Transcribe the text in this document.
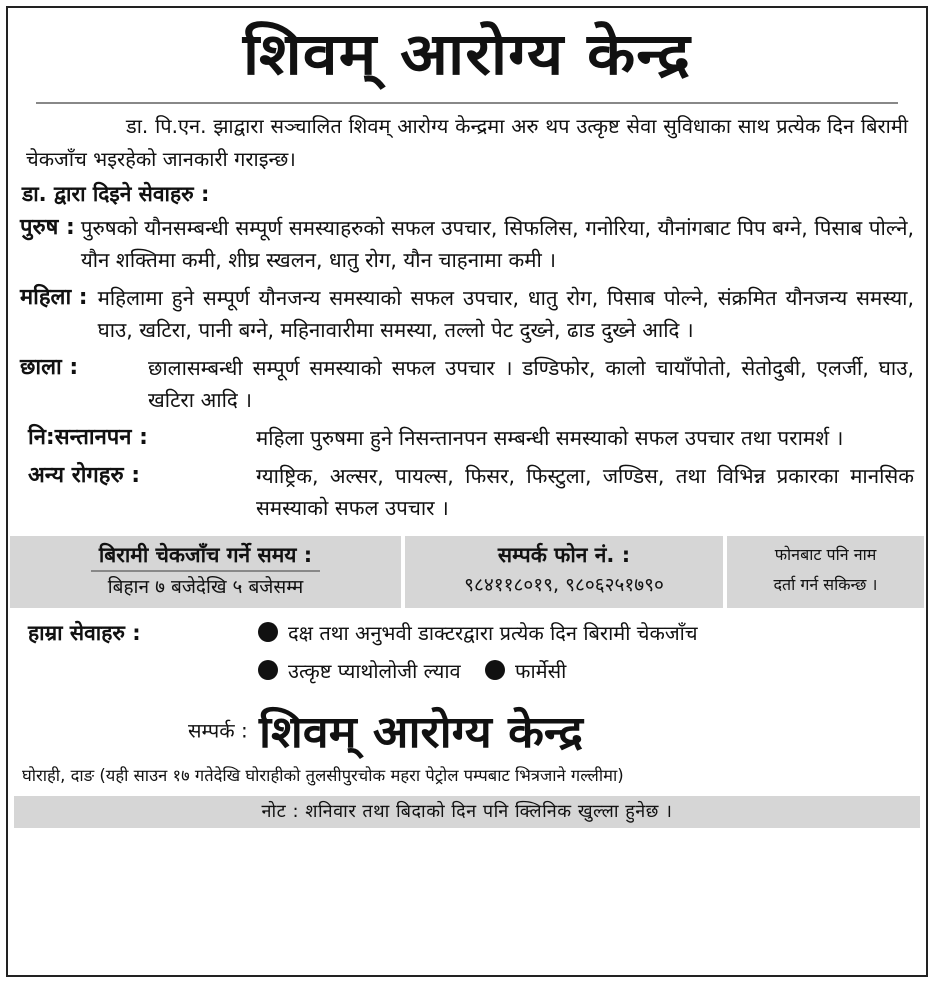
शिवम् आरोग्य केन्द्र
डा. पि.एन. झाद्वारा सञ्चालित शिवम् आरोग्य केन्द्रमा अरु थप उत्कृष्ट सेवा सुविधाका साथ प्रत्येक दिन बिरामी चेकजाँच भइरहेको जानकारी गराइन्छ।
डा. द्वारा दिइने सेवाहरु :
पुरुष : पुरुषको यौनसम्बन्धी सम्पूर्ण समस्याहरुको सफल उपचार, सिफलिस, गनोरिया, यौनांगबाट पिप बग्ने, पिसाब पोल्ने, यौन शक्तिमा कमी, शीघ्र स्खलन, धातु रोग, यौन चाहनामा कमी ।
महिला : महिलामा हुने सम्पूर्ण यौनजन्य समस्याको सफल उपचार, धातु रोग, पिसाब पोल्ने, संक्रमित यौनजन्य समस्या, घाउ, खटिरा, पानी बग्ने, महिनावारीमा समस्या, तल्लो पेट दुख्ने, ढाड दुख्ने आदि ।
छाला :	छालासम्बन्धी सम्पूर्ण समस्याको सफल उपचार । डण्डिफोर, कालो चायाँपोतो, सेतोदुबी, एलर्जी, घाउ, खटिरा आदि ।
नि:सन्तानपन :	महिला पुरुषमा हुने निसन्तानपन सम्बन्धी समस्याको सफल उपचार तथा परामर्श ।
अन्य रोगहरु :	ग्याष्ट्रिक, अल्सर, पायल्स, फिसर, फिस्टुला, जण्डिस, तथा विभिन्न प्रकारका मानसिक समस्याको सफल उपचार ।
बिरामी चेकजाँच गर्ने समय :
बिहान ७ बजेदेखि ५ बजेसम्म
सम्पर्क फोन नं. :
९८४११८०१९, ९८०६२५१७९०
फोनबाट पनि नाम
दर्ता गर्न सकिन्छ ।
हाम्रा सेवाहरु :	दक्ष तथा अनुभवी डाक्टरद्वारा प्रत्येक दिन बिरामी चेकजाँच
उत्कृष्ट प्याथोलोजी ल्याव	फार्मेसी
सम्पर्क : शिवम् आरोग्य केन्द्र
घोराही, दाङ (यही साउन १७ गतेदेखि घोराहीको तुलसीपुरचोक महरा पेट्रोल पम्पबाट भित्रजाने गल्लीमा)
नोट : शनिवार तथा बिदाको दिन पनि क्लिनिक खुल्ला हुनेछ ।
